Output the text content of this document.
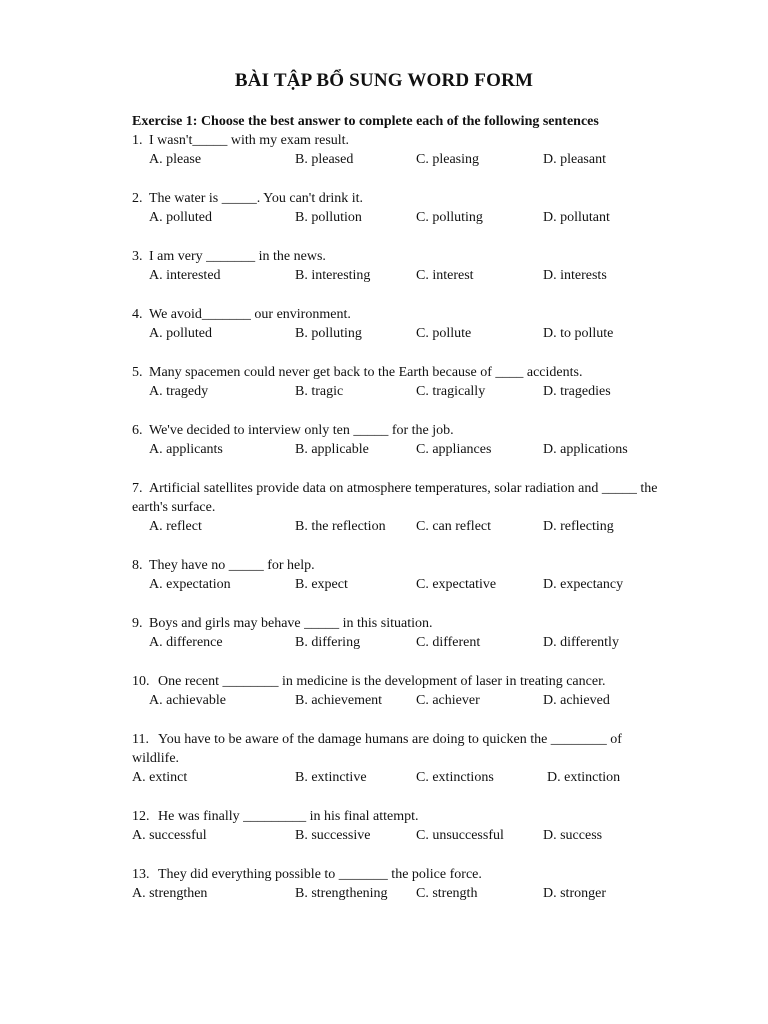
BÀI TẬP BỔ SUNG WORD FORM
Exercise 1: Choose the best answer to complete each of the following sentences
1. I wasn't_____ with my exam result.
A. please	B. pleased	C. pleasing	D. pleasant
2. The water is _____. You can't drink it.
A. polluted	B. pollution	C. polluting	D. pollutant
3. I am very _______ in the news.
A. interested	B. interesting	C. interest	D. interests
4. We avoid_______ our environment.
A. polluted	B. polluting	C. pollute	D. to pollute
5. Many spacemen could never get back to the Earth because of ____ accidents.
A. tragedy	B. tragic	C. tragically	D. tragedies
6. We've decided to interview only ten _____ for the job.
A. applicants	B. applicable	C. appliances	D. applications
7. Artificial satellites provide data on atmosphere temperatures, solar radiation and _____ the
earth's surface.
A. reflect	B. the reflection C. can reflect	D. reflecting
8. They have no _____ for help.
A. expectation	B. expect	C. expectative	D. expectancy
9. Boys and girls may behave _____ in this situation.
A. difference	B. differing	C. different	D. differently
10. One recent ________ in medicine is the development of laser in treating cancer.
A. achievable	B. achievement C. achiever	D. achieved
11. You have to be aware of the damage humans are doing to quicken the ________ of
wildlife.
A. extinct	B. extinctive	C. extinctions	D. extinction
12. He was finally _________ in his final attempt.
A. successful	B. successive	C. unsuccessful	D. success
13. They did everything possible to _______ the police force.
A. strengthen	B. strengthening C. strength	D. stronger
